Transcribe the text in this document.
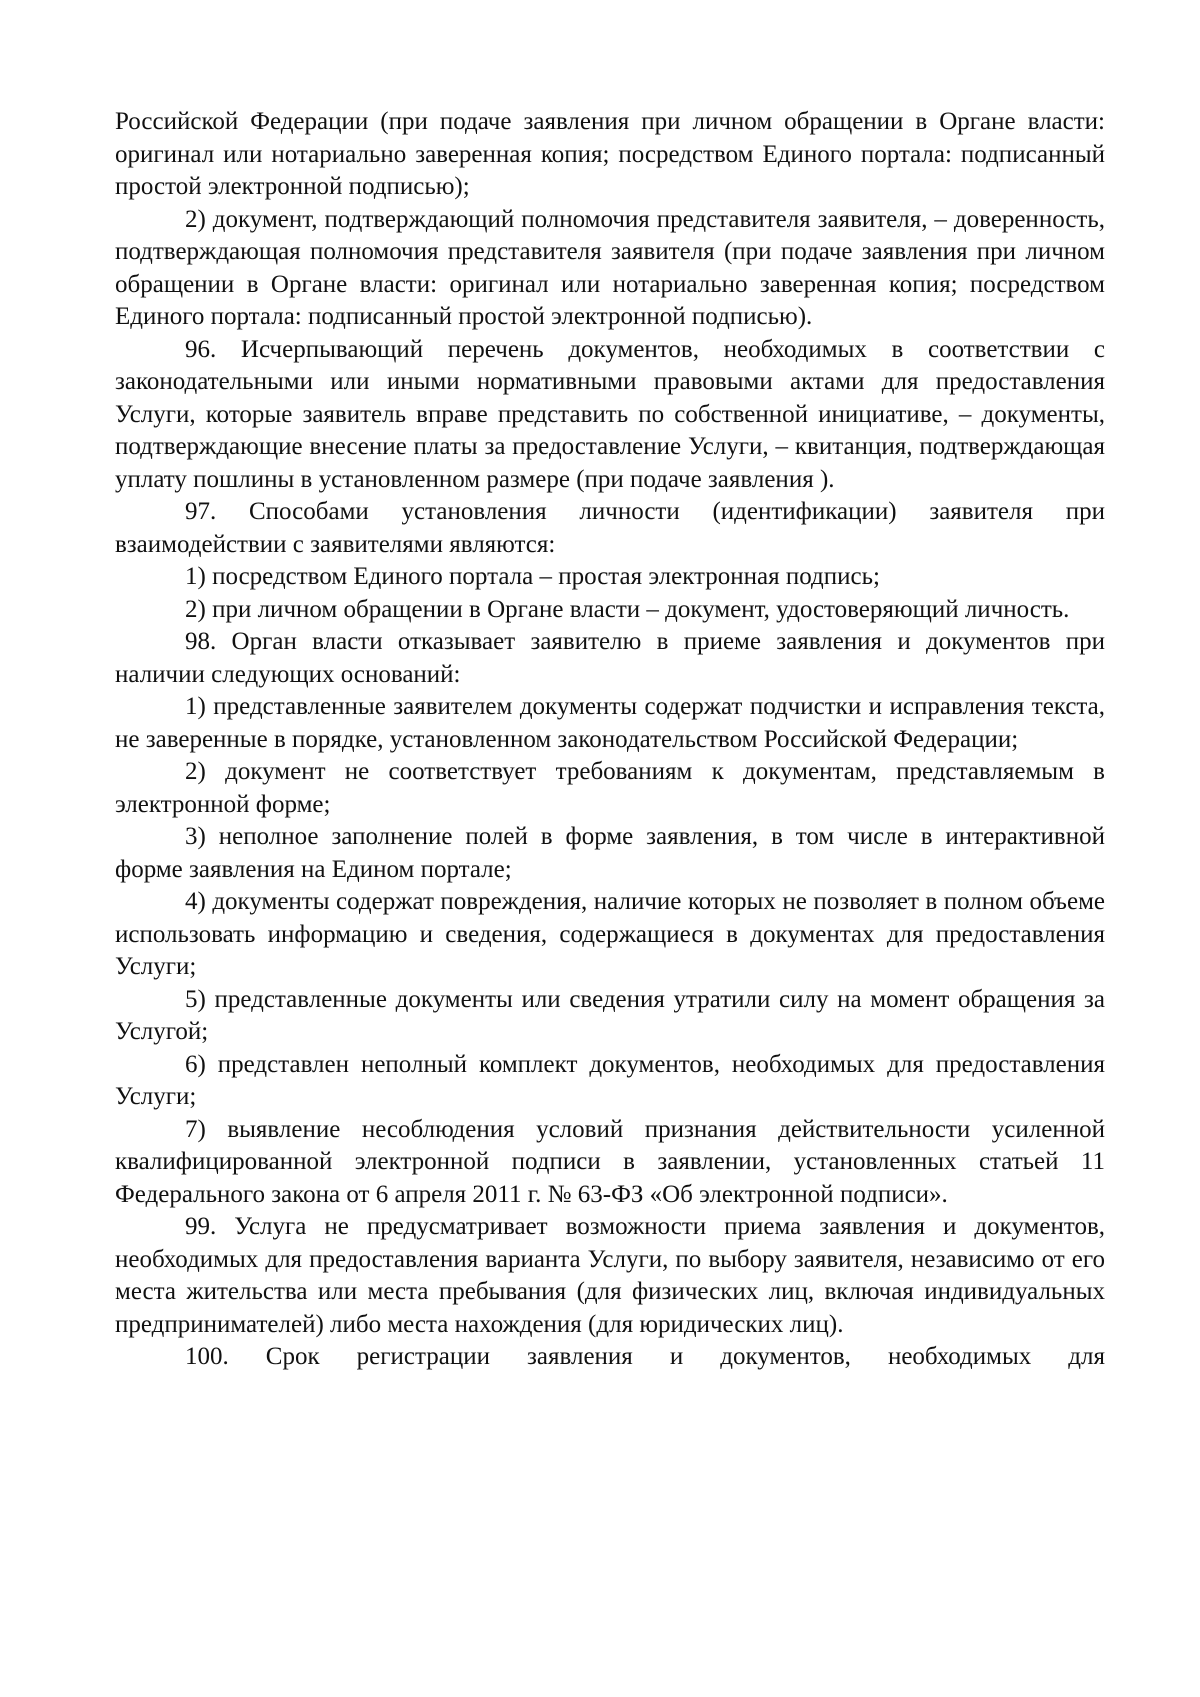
Российской Федерации (при подаче заявления при личном обращении в Органе власти: оригинал или нотариально заверенная копия; посредством Единого портала: подписанный простой электронной подписью);

2) документ, подтверждающий полномочия представителя заявителя, – доверенность, подтверждающая полномочия представителя заявителя (при подаче заявления при личном обращении в Органе власти: оригинал или нотариально заверенная копия; посредством Единого портала: подписанный простой электронной подписью).

96. Исчерпывающий перечень документов, необходимых в соответствии с законодательными или иными нормативными правовыми актами для предоставления Услуги, которые заявитель вправе представить по собственной инициативе, – документы, подтверждающие внесение платы за предоставление Услуги, – квитанция, подтверждающая уплату пошлины в установленном размере (при подаче заявления ).

97. Способами установления личности (идентификации) заявителя при взаимодействии с заявителями являются:

1) посредством Единого портала – простая электронная подпись;

2) при личном обращении в Органе власти – документ, удостоверяющий личность.

98. Орган власти отказывает заявителю в приеме заявления и документов при наличии следующих оснований:

1) представленные заявителем документы содержат подчистки и исправления текста, не заверенные в порядке, установленном законодательством Российской Федерации;

2) документ не соответствует требованиям к документам, представляемым в электронной форме;

3) неполное заполнение полей в форме заявления, в том числе в интерактивной форме заявления на Едином портале;

4) документы содержат повреждения, наличие которых не позволяет в полном объеме использовать информацию и сведения, содержащиеся в документах для предоставления Услуги;

5) представленные документы или сведения утратили силу на момент обращения за Услугой;

6) представлен неполный комплект документов, необходимых для предоставления Услуги;

7) выявление несоблюдения условий признания действительности усиленной квалифицированной электронной подписи в заявлении, установленных статьей 11 Федерального закона от 6 апреля 2011 г. № 63-ФЗ «Об электронной подписи».

99. Услуга не предусматривает возможности приема заявления и документов, необходимых для предоставления варианта Услуги, по выбору заявителя, независимо от его места жительства или места пребывания (для физических лиц, включая индивидуальных предпринимателей) либо места нахождения (для юридических лиц).

100. Срок регистрации заявления и документов, необходимых для
